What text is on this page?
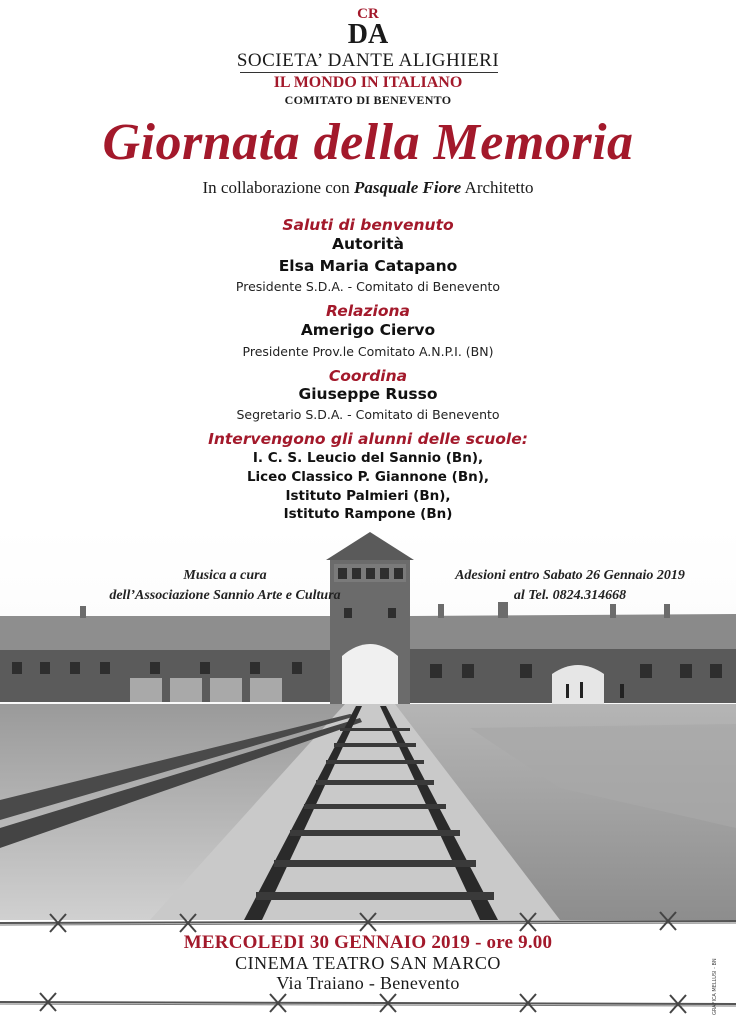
CR
DA
SOCIETA’ DANTE ALIGHIERI
IL MONDO IN ITALIANO
COMITATO DI BENEVENTO
Giornata della Memoria
In collaborazione con Pasquale Fiore Architetto
Saluti di benvenuto
Autorità
Elsa Maria Catapano
Presidente S.D.A. - Comitato di Benevento
Relaziona
Amerigo Ciervo
Presidente Prov.le Comitato A.N.P.I. (BN)
Coordina
Giuseppe Russo
Segretario S.D.A. - Comitato di Benevento
Intervengono gli alunni delle scuole:
I. C. S. Leucio del Sannio (Bn),
Liceo Classico P. Giannone (Bn),
Istituto Palmieri (Bn),
Istituto Rampone (Bn)
Musica a cura
dell’Associazione Sannio Arte e Cultura
Adesioni entro Sabato 26 Gennaio 2019
al Tel. 0824.314668
MERCOLEDI 30 GENNAIO 2019 - ore 9.00
CINEMA TEATRO SAN MARCO
Via Traiano - Benevento	GRAFICA MELLUSI - BN
